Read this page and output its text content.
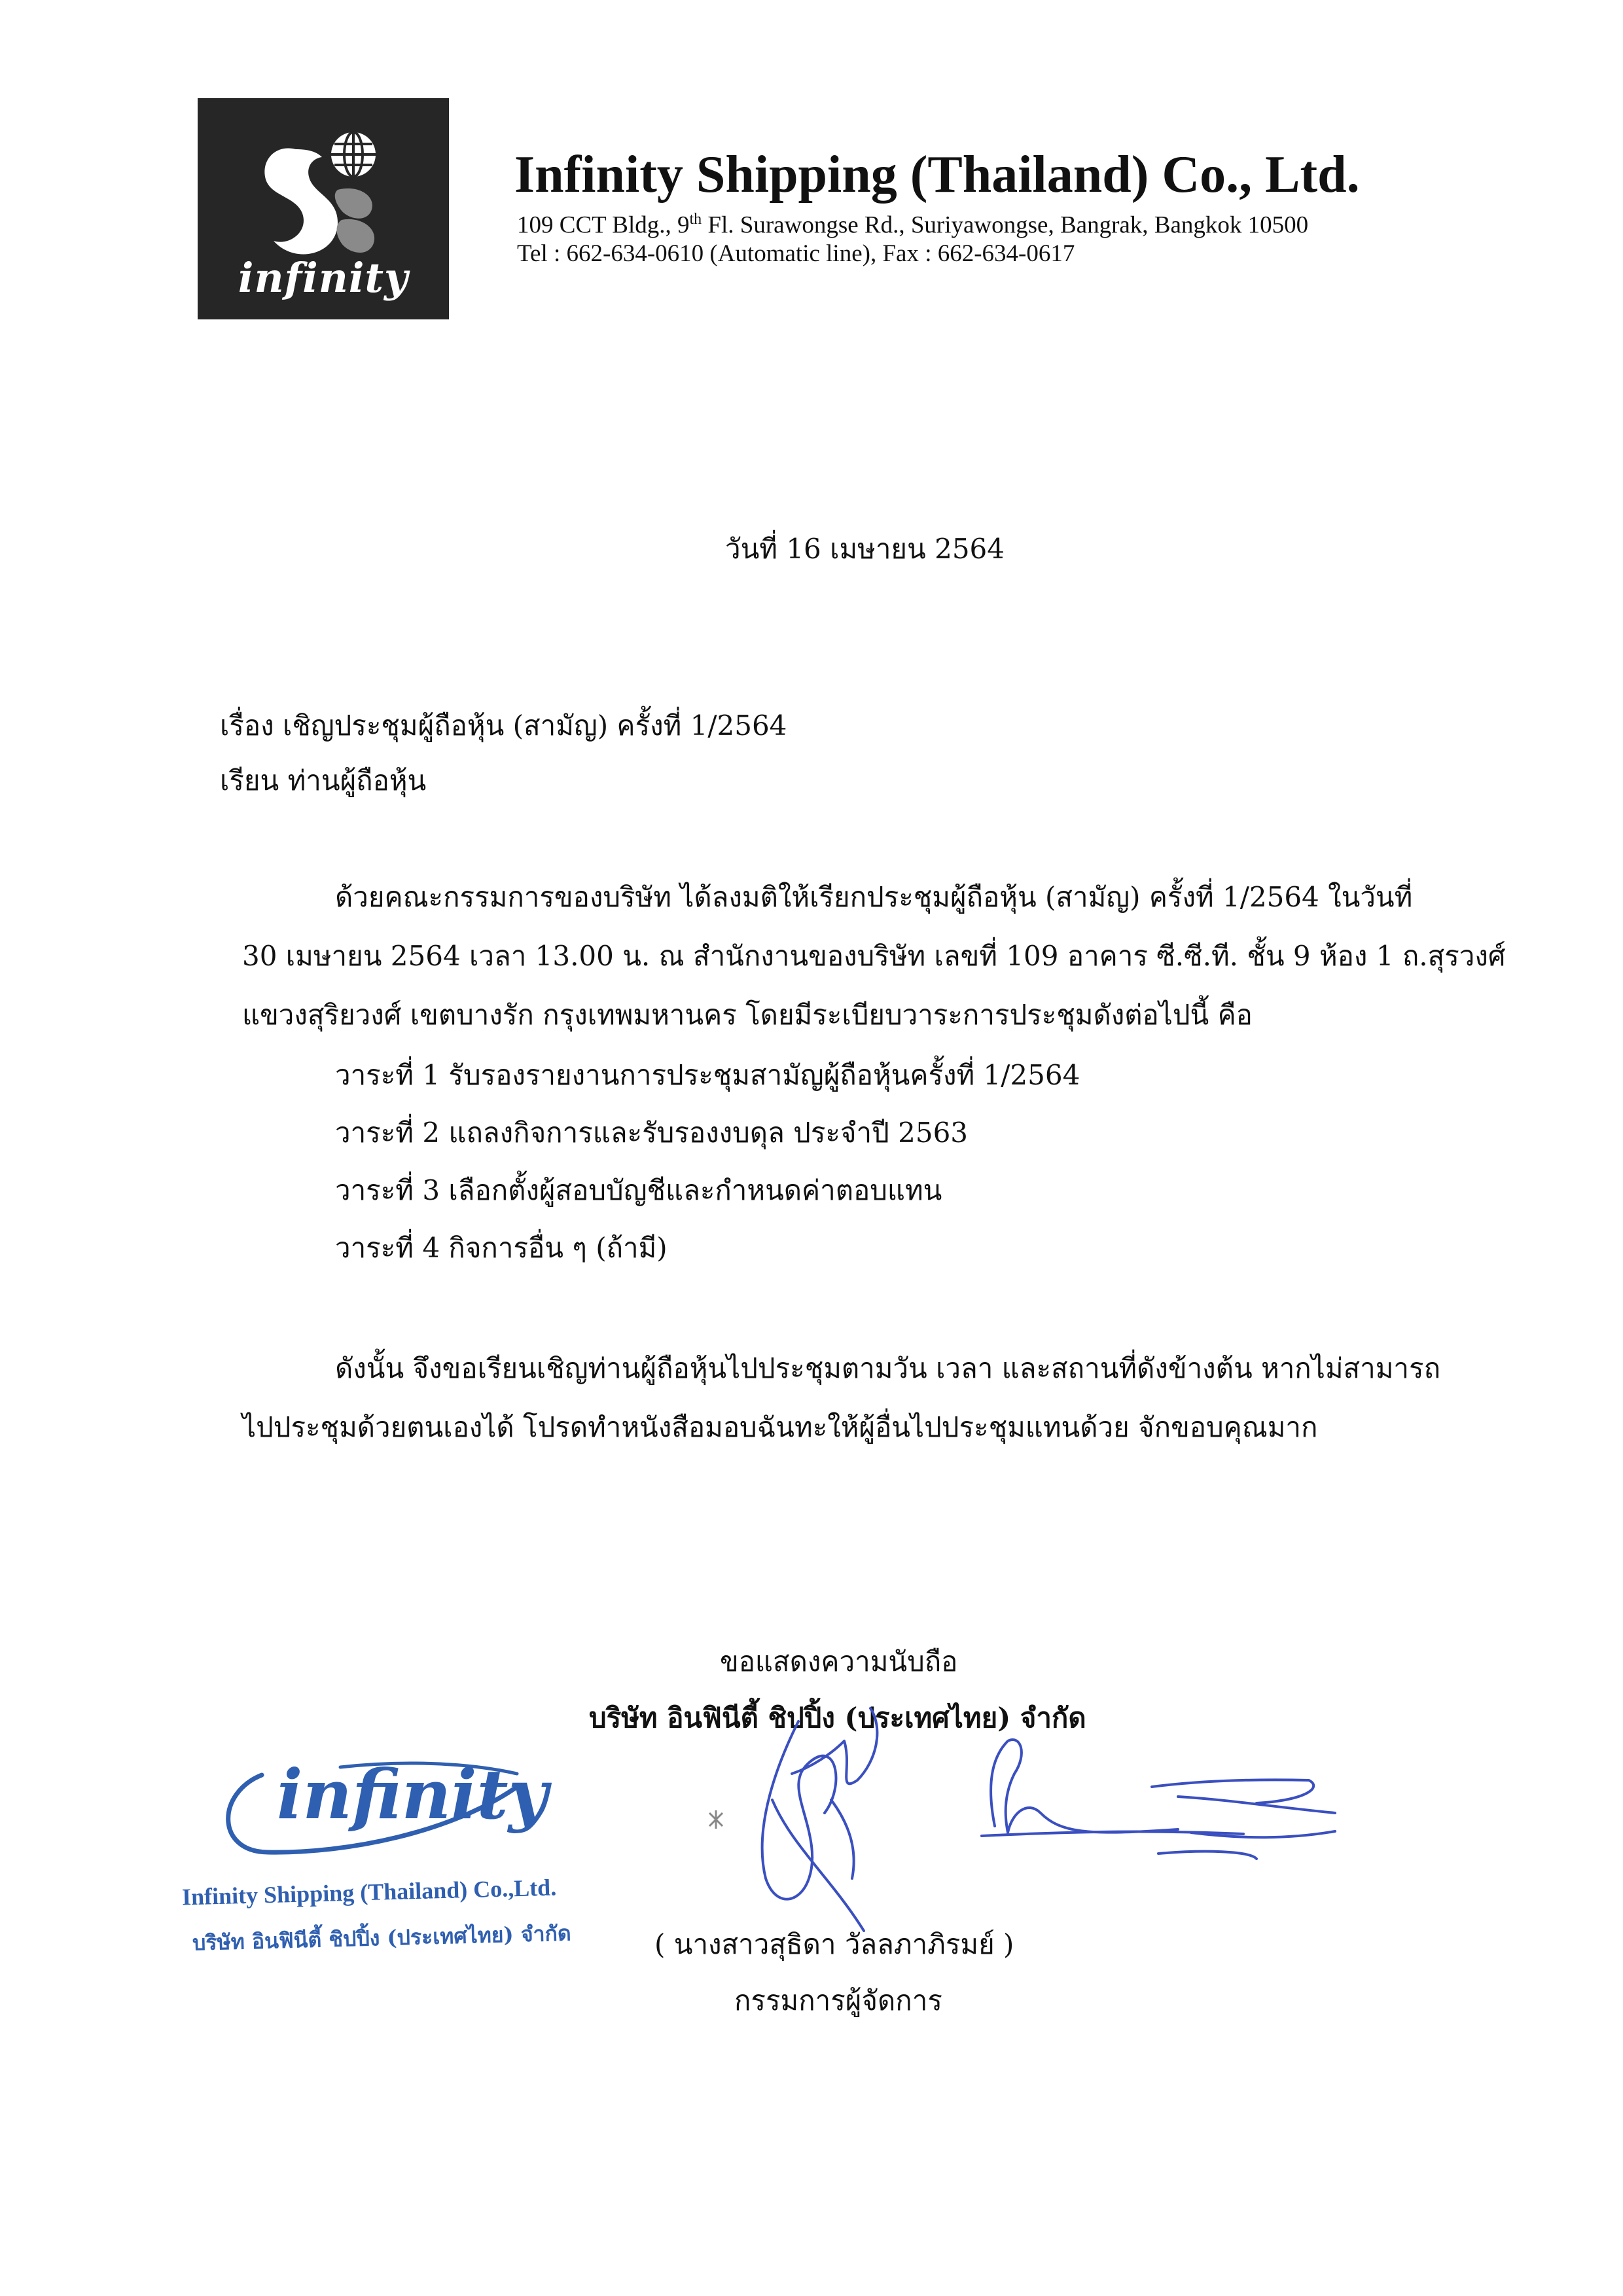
infinity
Infinity Shipping (Thailand) Co., Ltd.
109 CCT Bldg., 9th Fl. Surawongse Rd., Suriyawongse, Bangrak, Bangkok 10500
Tel : 662-634-0610 (Automatic line), Fax : 662-634-0617
วันที่ 16 เมษายน 2564
เรื่อง เชิญประชุมผู้ถือหุ้น (สามัญ) ครั้งที่ 1/2564
เรียน ท่านผู้ถือหุ้น
ด้วยคณะกรรมการของบริษัท ได้ลงมติให้เรียกประชุมผู้ถือหุ้น (สามัญ) ครั้งที่ 1/2564 ในวันที่
30 เมษายน 2564 เวลา 13.00 น. ณ สำนักงานของบริษัท เลขที่ 109 อาคาร ซี.ซี.ที. ชั้น 9 ห้อง 1 ถ.สุรวงศ์
แขวงสุริยวงศ์ เขตบางรัก กรุงเทพมหานคร โดยมีระเบียบวาระการประชุมดังต่อไปนี้ คือ
วาระที่ 1 รับรองรายงานการประชุมสามัญผู้ถือหุ้นครั้งที่ 1/2564
วาระที่ 2 แถลงกิจการและรับรองงบดุล ประจำปี 2563
วาระที่ 3 เลือกตั้งผู้สอบบัญชีและกำหนดค่าตอบแทน
วาระที่ 4 กิจการอื่น ๆ (ถ้ามี)
ดังนั้น จึงขอเรียนเชิญท่านผู้ถือหุ้นไปประชุมตามวัน เวลา และสถานที่ดังข้างต้น หากไม่สามารถ
ไปประชุมด้วยตนเองได้ โปรดทำหนังสือมอบฉันทะให้ผู้อื่นไปประชุมแทนด้วย จักขอบคุณมาก
ขอแสดงความนับถือ
บริษัท อินฟินีตี้ ชิปปิ้ง (ประเทศไทย) จำกัด
infinity
Infinity Shipping (Thailand) Co.,Ltd.
บริษัท อินฟินีตี้ ชิปปิ้ง (ประเทศไทย) จำกัด	( นางสาวสุธิดา วัลลภาภิรมย์ )
กรรมการผู้จัดการ
